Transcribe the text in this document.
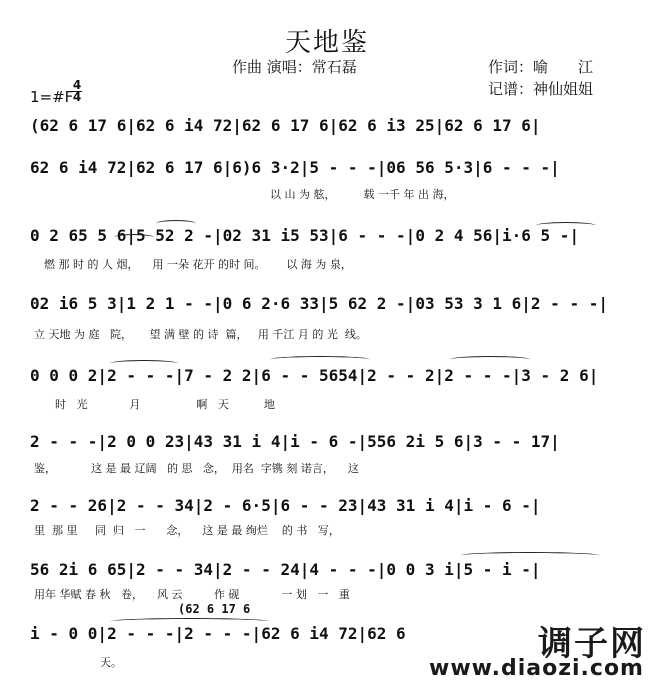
天地鉴
作曲 演唱：常石磊	作词：喻　　江
记谱：神仙姐姐
1=#F
4
4
(62 6 17 6|62 6 i4 72|62 6 17 6|62 6 i3 25|62 6 17 6|
62 6 i4 72|62 6 17 6|6)6 3·2|5 - - -|06 56 5·3|6 - - -|
以 山 为 舷，        载 一千 年 出 海，
0 2 65 5 6|5 52 2 -|02 31 i5 53|6 - - -|0 2 4 56|i·6 5 -|
燃 那 时 的 人 烟，    用 一朵 花开 的时 间。      以 海 为 泉，
02 i6 5 3|1 2 1 - -|0 6 2·6 33|5 62 2 -|03 53 3 1 6|2 - - -|
立 天地 为 庭   院，     望 满 壁 的 诗  篇，   用 千江 月 的 光  线。
0 0 0 2|2 - - -|7 - 2 2|6 - - 5654|2 - - 2|2 - - -|3 - 2 6|
时   光            月                啊   天          地
2 - - -|2 0 0 23|43 31 i 4|i - 6 -|556 2i 5 6|3 - - 17|
鉴，          这 是 最 辽阔   的 思   念，  用名  字镌 刻 诺言，    这
2 - - 26|2 - - 34|2 - 6·5|6 - - 23|43 31 i 4|i - 6 -|
里  那 里     同  归   一      念，    这 是 最 绚烂    的 书   写，
56 2i 6 65|2 - - 34|2 - - 24|4 - - -|0 0 3 i|5 - i -|
用年 华赋 春 秋   卷，    风 云         作 砚            一 划   一   重
(62 6 17 6
i - 0 0|2 - - -|2 - - -|62 6 i4 72|62 6
天。	调子网
www.diaozi.com
